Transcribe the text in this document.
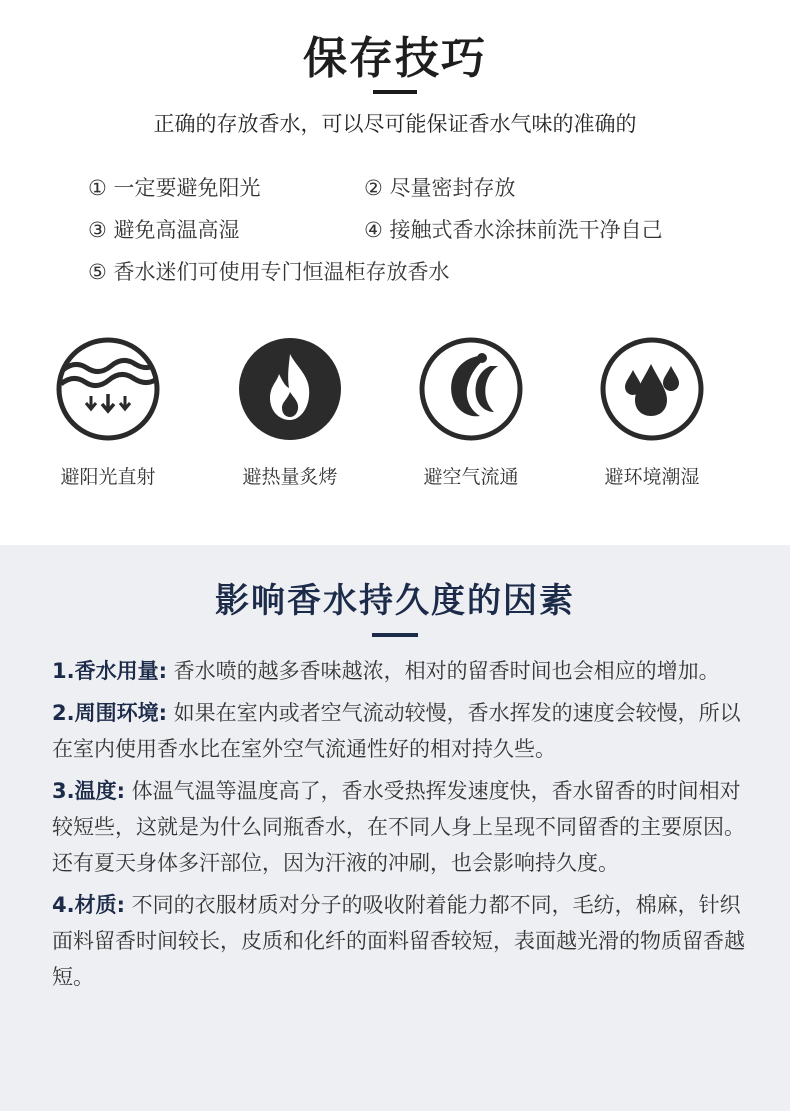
保存技巧
正确的存放香水，可以尽可能保证香水气味的准确的
① 一定要避免阳光	② 尽量密封存放
③ 避免高温高湿	④ 接触式香水涂抹前洗干净自己
⑤ 香水迷们可使用专门恒温柜存放香水
避阳光直射	避热量炙烤	避空气流通	避环境潮湿
影响香水持久度的因素

1.香水用量: 香水喷的越多香味越浓，相对的留香时间也会相应的增加。

2.周围环境: 如果在室内或者空气流动较慢，香水挥发的速度会较慢，所以在室内使用香水比在室外空气流通性好的相对持久些。

3.温度: 体温气温等温度高了，香水受热挥发速度快，香水留香的时间相对较短些，这就是为什么同瓶香水，在不同人身上呈现不同留香的主要原因。还有夏天身体多汗部位，因为汗液的冲刷，也会影响持久度。

4.材质: 不同的衣服材质对分子的吸收附着能力都不同，毛纺，棉麻，针织面料留香时间较长，皮质和化纤的面料留香较短，表面越光滑的物质留香越短。
